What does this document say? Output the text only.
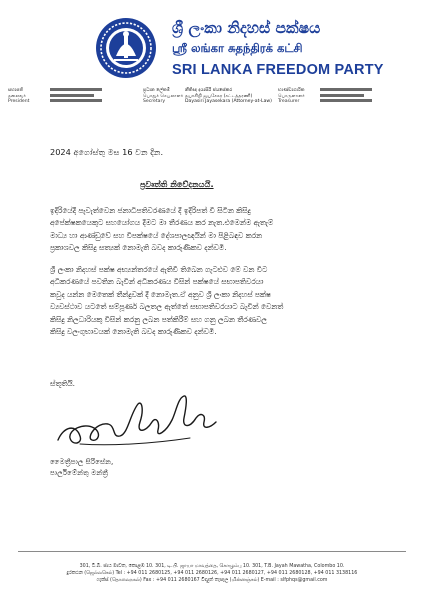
ශ්‍රී ලංකා නිදහස් පක්ෂය
ஸ்ரீ லங்கா சுதந்திரக் கட்சி
SRI LANKA FREEDOM PARTY
සභාපති
தலைவர்
President
ප්‍රධාන ලේකම්
பொதுச் செயலாளர்
Secretary
නීතිඥ දයාසිරි ජයසේකර
தயாசிறி ஜயசேகர (சட்டத்தரணி)
Dayasiri Jayasekara (Attorney-at-Law)
භාණ්ඩාගාරික
பொருளாளர்
Treasurer
2024 අගෝස්තු මස 16 වන දින.
ප්‍රවෘත්ති නිවේදනයයි.
ඉදිරියේදී පැවැත්වෙන ජනාධිපතිවරණයේ දී ඉදිරිපත් වී සිටින කිසිදු
අපේක්ෂකයෙකුට සහයෝගය දීමට මා තීරණය කර නැත.එමෙන්ම ඇතැම්
මාධ්‍ය හා ආණ්ඩුවේ සහ විපක්ෂයේ දේශපාලඥයින් මා පිළිබඳව කරන
ප්‍රකාශවල කිසිදු සත්‍යක් නොමැති බවද කාරුණිකව දන්වමි.
ශ්‍රී ලංකා නිදහස් පක්ෂ අභ්‍යන්තරයේ ඇතිවී තිබෙන ගැටළුව මේ වන විට
අධිකරණයේ පවතින බැවින් අධිකරණය විසින් පක්ෂයේ සභාපතිවරයා
කවුද යන්න මෙතෙක් තීන්දුවක් දී නොමැත.ඒ අනුව ශ්‍රී ලංකා නිදහස් පක්ෂ
ව්‍යවස්ථාව යටතේ සම්පූර්ණ බලතල ඇත්තේ සභාපතිවරයාට බැවින් වෙනත්
කිසිදු නිලධාරියකු විසින් කරනු ලබන පත්කිරීම් සහ ගනු ලබන තීරණවල
කිසිදු වලංගුභාවයක් නොමැති බවද කාරුණිකව දන්වමි.
ස්තූතියි.
මෛත්‍රීපාල සිරිසේන,
පාර්ලිමේන්තු මන්ත්‍රී
301, ටී.බී. ජාය මාවත, කොළඹ 10. 301, டி.பி. ஜாயா மாவத்தை, கொழும்பு 10. 301, T.B. Jayah Mawatha, Colombo 10.
දුරකථන (ஜெல்லசெல்) Tel : +94 011 2680125, +94 011 2680126, +94 011 2680127, +94 011 2680128, +94 011 3138116
ෆැක්ස් (தொலைநகல்) Fax : +94 011 2680167 විද්‍යුත් තැපෑල (மின்னஞ்சல்) E-mail : slfphqs@gmail.com
